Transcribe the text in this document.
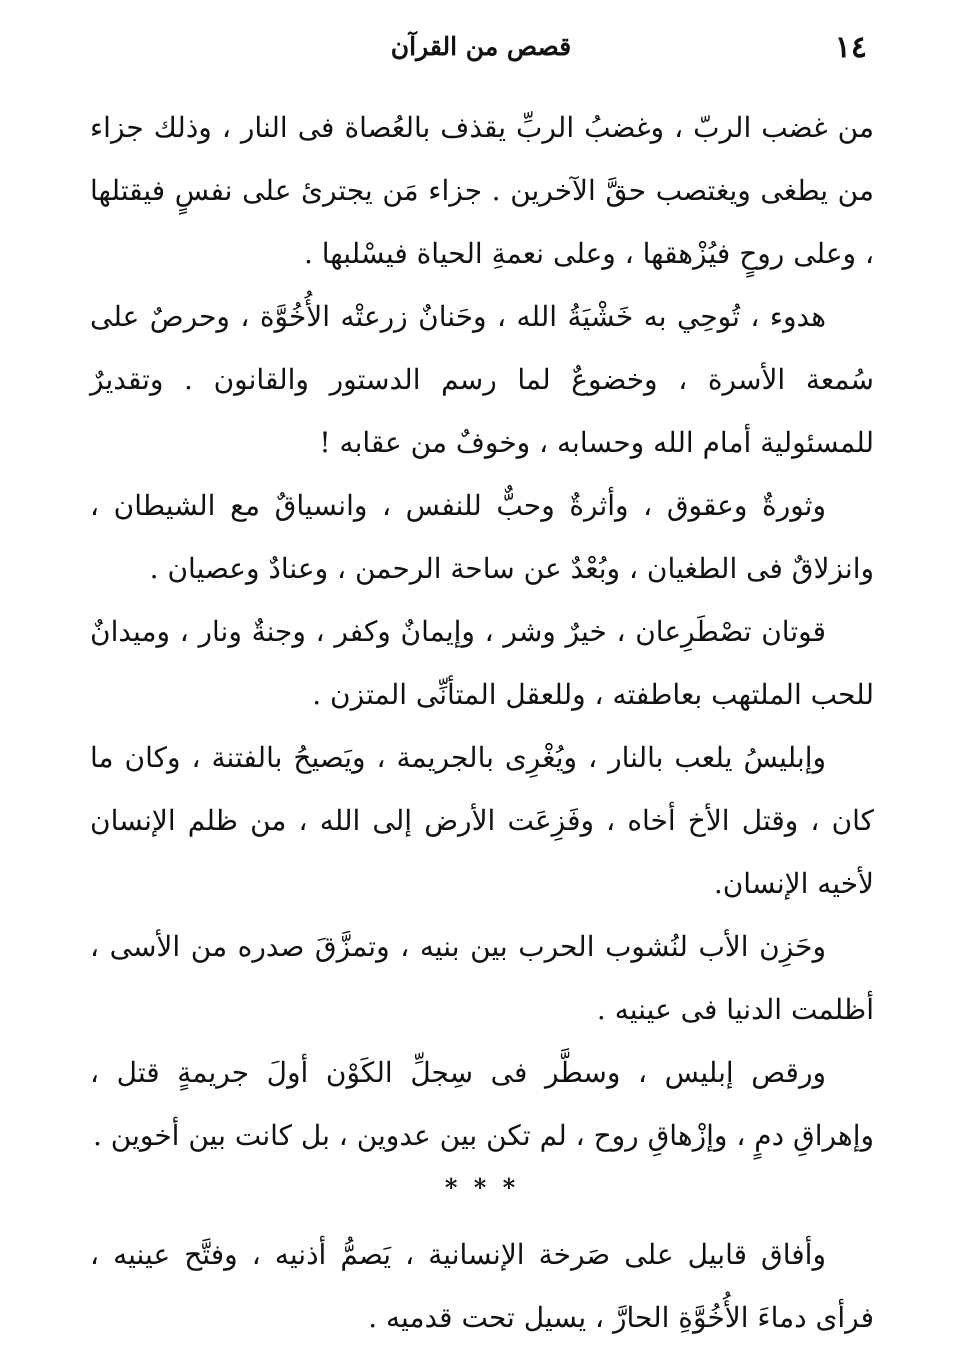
١٤
قصص من القرآن

من غضب الربّ ، وغضبُ الربِّ يقذف بالعُصاة فى النار ، وذلك جزاء من يطغى ويغتصب حقَّ الآخرين . جزاء مَن يجترئ على نفسٍ فيقتلها ، وعلى روحٍ فيُزْهقها ، وعلى نعمةِ الحياة فيسْلبها .

هدوء ، تُوحِي به خَشْيَةُ الله ، وحَنانٌ زرعتْه الأُخُوَّة ، وحرصٌ على سُمعة الأسرة ، وخضوعٌ لما رسم الدستور والقانون . وتقديرٌ للمسئولية أمام الله وحسابه ، وخوفٌ من عقابه !

وثورةٌ وعقوق ، وأثرةٌ وحبٌّ للنفس ، وانسياقٌ مع الشيطان ، وانزلاقٌ فى الطغيان ، وبُعْدٌ عن ساحة الرحمن ، وعنادٌ وعصيان .

قوتان تصْطَرِعان ، خيرٌ وشر ، وإيمانٌ وكفر ، وجنةٌ ونار ، وميدانٌ للحب الملتهب بعاطفته ، وللعقل المتأنِّى المتزن .

وإبليسُ يلعب بالنار ، ويُغْرِى بالجريمة ، ويَصيحُ بالفتنة ، وكان ما كان ، وقتل الأخ أخاه ، وفَزِعَت الأرض إلى الله ، من ظلم الإنسان لأخيه الإنسان.

وحَزِن الأب لنُشوب الحرب بين بنيه ، وتمزَّقَ صدره من الأسى ، أظلمت الدنيا فى عينيه .

ورقص إبليس ، وسطَّر فى سِجلِّ الكَوْن أولَ جريمةٍ قتل ، وإهراقِ دمٍ ، وإزْهاقِ روح ، لم تكن بين عدوين ، بل كانت بين أخوين .

* * *

وأفاق قابيل على صَرخة الإنسانية ، يَصمُّ أذنيه ، وفتَّح عينيه ، فرأى دماءَ الأُخُوَّةِ الحارَّ ، يسيل تحت قدميه .
